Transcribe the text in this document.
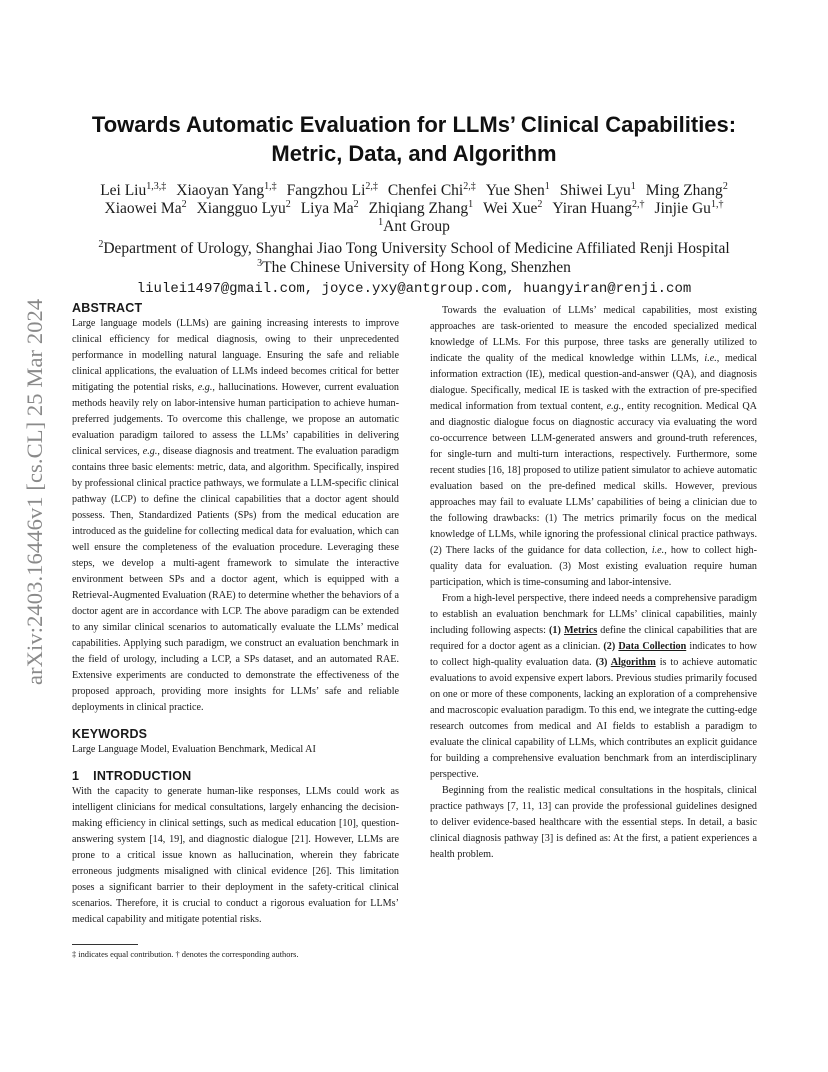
arXiv:2403.16446v1 [cs.CL] 25 Mar 2024
Towards Automatic Evaluation for LLMs’ Clinical Capabilities:
Metric, Data, and Algorithm
Lei Liu$^{1,3,\ddagger}$ Xiaoyan Yang$^{1,\ddagger}$ Fangzhou $Li^{2,\ddagger}$ Chenfei Chi$^{2,\ddagger}$ Yue Shen$^1$ Shiwei Lyu$^1$ Ming Zhang$^2$
Xiaowei Ma$^2$ Xiangguo Lyu$^2$ Liya Ma$^2$ Zhiqiang Zhang$^1$ Wei Xue$^2$ Yiran Huang$^{2,\dagger}$ Jinjie $Gu^{1,\dagger}$
$^1$Ant Group
$^2$Department of Urology, Shanghai Jiao Tong University School of Medicine Affiliated Renji Hospital
$^3$The Chinese University of Hong Kong, Shenzhen
liulei1497@gmail.com, joyce.yxy@antgroup.com, huangyiran@renji.com
ABSTRACT

Large language models (LLMs) are gaining increasing interests to improve clinical efficiency for medical diagnosis, owing to their unprecedented performance in modelling natural language. Ensuring the safe and reliable clinical applications, the evaluation of LLMs indeed becomes critical for better mitigating the potential risks, e.g., hallucinations. However, current evaluation methods heavily rely on labor-intensive human participation to achieve human-preferred judgements. To overcome this challenge, we propose an automatic evaluation paradigm tailored to assess the LLMs’ capabilities in delivering clinical services, e.g., disease diagnosis and treatment. The evaluation paradigm contains three basic elements: metric, data, and algorithm. Specifically, inspired by professional clinical practice pathways, we formulate a LLM-specific clinical pathway (LCP) to define the clinical capabilities that a doctor agent should possess. Then, Standardized Patients (SPs) from the medical education are introduced as the guideline for collecting medical data for evaluation, which can well ensure the completeness of the evaluation procedure. Leveraging these steps, we develop a multi-agent framework to simulate the interactive environment between SPs and a doctor agent, which is equipped with a Retrieval-Augmented Evaluation (RAE) to determine whether the behaviors of a doctor agent are in accordance with LCP. The above paradigm can be extended to any similar clinical scenarios to automatically evaluate the LLMs’ medical capabilities. Applying such paradigm, we construct an evaluation benchmark in the field of urology, including a LCP, a SPs dataset, and an automated RAE. Extensive experiments are conducted to demonstrate the effectiveness of the proposed approach, providing more insights for LLMs’ safe and reliable deployments in clinical practice.

KEYWORDS

Large Language Model, Evaluation Benchmark, Medical AI

1 INTRODUCTION

With the capacity to generate human-like responses, LLMs could work as intelligent clinicians for medical consultations, largely enhancing the decision-making efficiency in clinical settings, such as medical education [10], question-answering system [14, 19], and diagnostic dialogue [21]. However, LLMs are prone to a critical issue known as hallucination, wherein they fabricate erroneous judgments misaligned with clinical evidence [26]. This limitation poses a significant barrier to their deployment in the safety-critical clinical scenarios. Therefore, it is crucial to conduct a rigorous evaluation for LLMs’ medical capability and mitigate potential risks.

Towards the evaluation of LLMs’ medical capabilities, most existing approaches are task-oriented to measure the encoded specialized medical knowledge of LLMs. For this purpose, three tasks are generally utilized to indicate the quality of the medical knowledge within LLMs, i.e., medical information extraction (IE), medical question-and-answer (QA), and diagnosis dialogue. Specifically, medical IE is tasked with the extraction of pre-specified medical information from textual content, e.g., entity recognition. Medical QA and diagnostic dialogue focus on diagnostic accuracy via evaluating the word co-occurrence between LLM-generated answers and ground-truth references, for single-turn and multi-turn interactions, respectively. Furthermore, some recent studies [16, 18] proposed to utilize patient simulator to achieve automatic evaluation based on the pre-defined medical skills. However, previous approaches may fail to evaluate LLMs’ capabilities of being a clinician due to the following drawbacks: (1) The metrics primarily focus on the medical knowledge of LLMs, while ignoring the professional clinical practice pathways. (2) There lacks of the guidance for data collection, i.e., how to collect high-quality data for evaluation. (3) Most existing evaluation require human participation, which is time-consuming and labor-intensive.

From a high-level perspective, there indeed needs a comprehensive paradigm to establish an evaluation benchmark for LLMs’ clinical capabilities, mainly including following aspects: (1) Metrics define the clinical capabilities that are required for a doctor agent as a clinician. (2) Data Collection indicates to how to collect high-quality evaluation data. (3) Algorithm is to achieve automatic evaluations to avoid expensive expert labors. Previous studies primarily focused on one or more of these components, lacking an exploration of a comprehensive and macroscopic evaluation paradigm. To this end, we integrate the cutting-edge research outcomes from medical and AI fields to establish a paradigm to evaluate the clinical capability of LLMs, which contributes an explicit guidance for building a comprehensive evaluation benchmark from an interdisciplinary perspective.

Beginning from the realistic medical consultations in the hospitals, clinical practice pathways [7, 11, 13] can provide the professional guidelines designed to deliver evidence-based healthcare with the essential steps. In detail, a basic clinical diagnosis pathway [3] is defined as: At the first, a patient experiences a health problem.

‡ indicates equal contribution. † denotes the corresponding authors.
